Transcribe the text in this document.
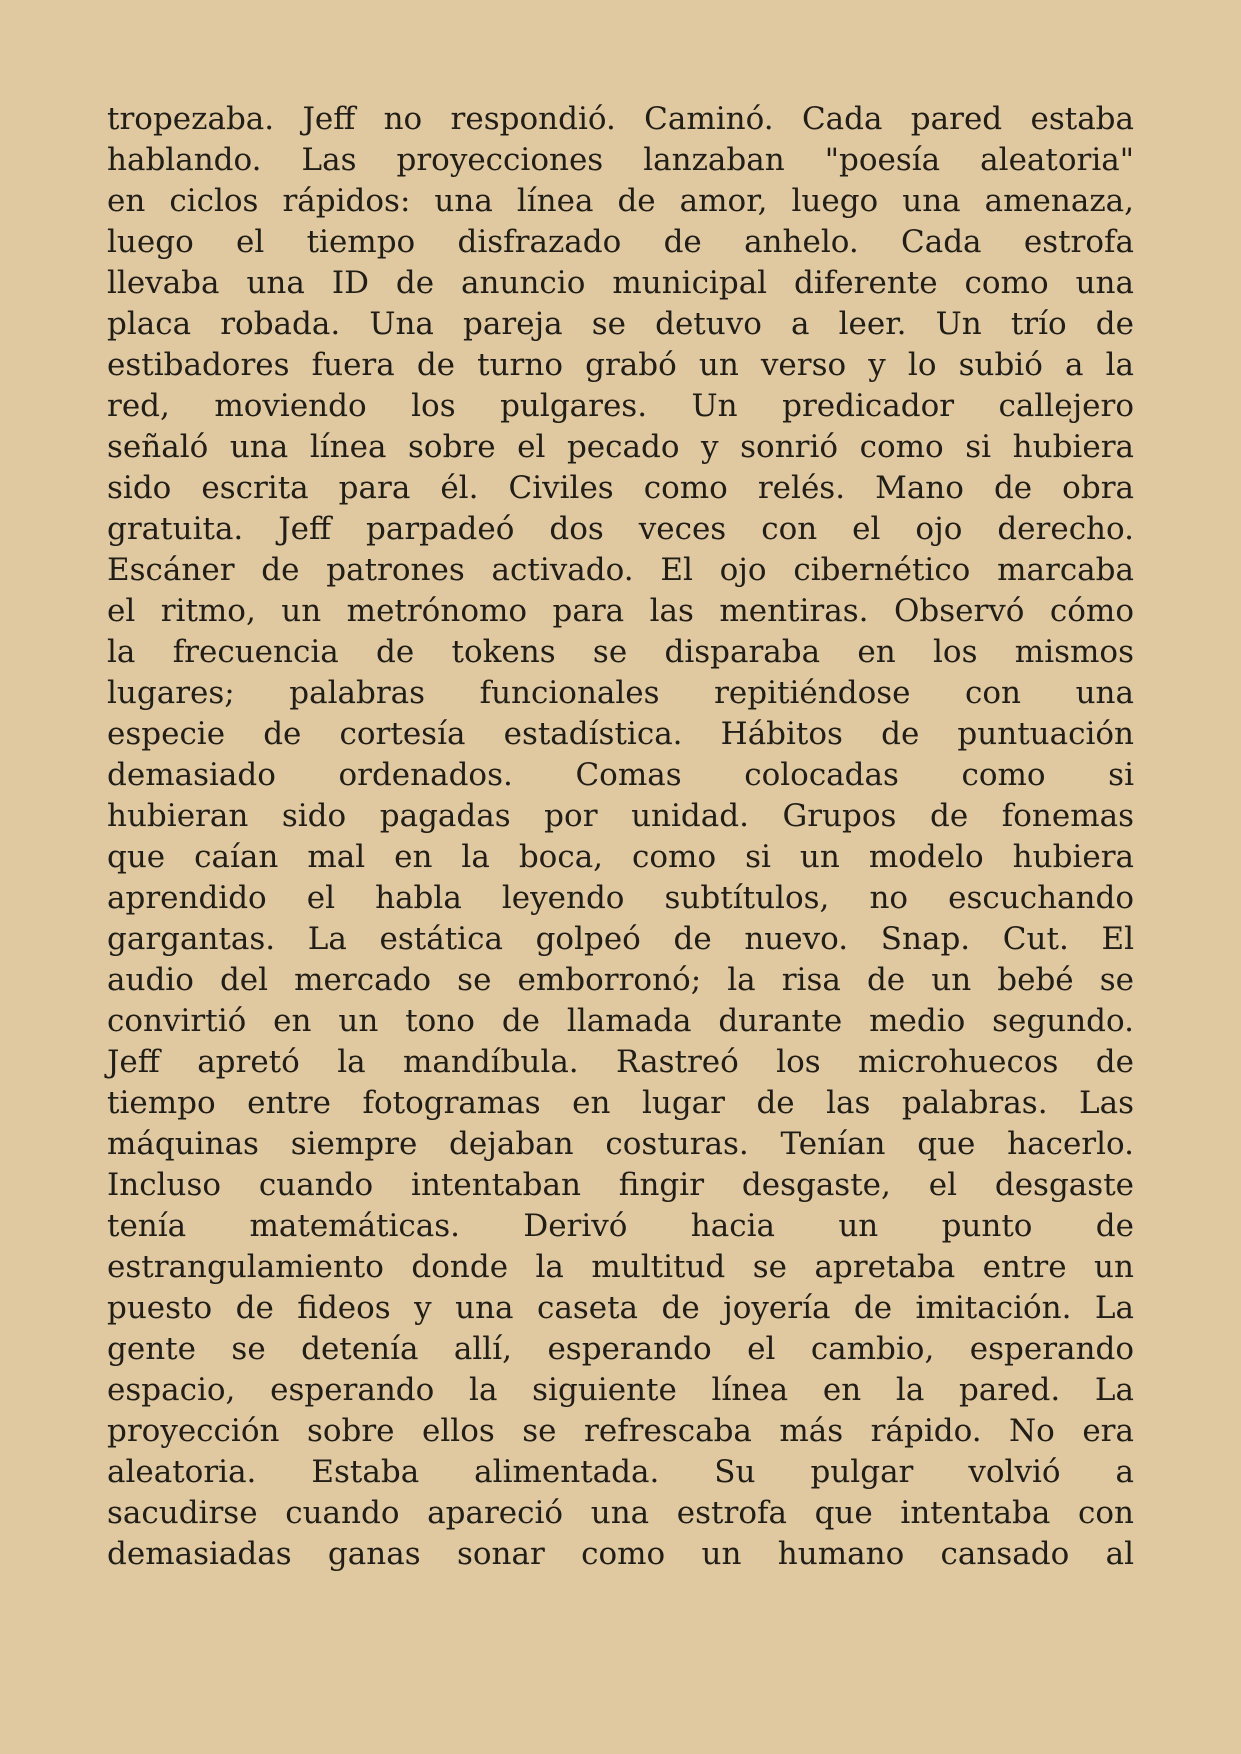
tropezaba. Jeff no respondió. Caminó. Cada pared estaba
hablando. Las proyecciones lanzaban "poesía aleatoria"
en ciclos rápidos: una línea de amor, luego una amenaza,
luego el tiempo disfrazado de anhelo. Cada estrofa
llevaba una ID de anuncio municipal diferente como una
placa robada. Una pareja se detuvo a leer. Un trío de
estibadores fuera de turno grabó un verso y lo subió a la
red, moviendo los pulgares. Un predicador callejero
señaló una línea sobre el pecado y sonrió como si hubiera
sido escrita para él. Civiles como relés. Mano de obra
gratuita. Jeff parpadeó dos veces con el ojo derecho.
Escáner de patrones activado. El ojo cibernético marcaba
el ritmo, un metrónomo para las mentiras. Observó cómo
la frecuencia de tokens se disparaba en los mismos
lugares; palabras funcionales repitiéndose con una
especie de cortesía estadística. Hábitos de puntuación
demasiado ordenados. Comas colocadas como si
hubieran sido pagadas por unidad. Grupos de fonemas
que caían mal en la boca, como si un modelo hubiera
aprendido el habla leyendo subtítulos, no escuchando
gargantas. La estática golpeó de nuevo. Snap. Cut. El
audio del mercado se emborronó; la risa de un bebé se
convirtió en un tono de llamada durante medio segundo.
Jeff apretó la mandíbula. Rastreó los microhuecos de
tiempo entre fotogramas en lugar de las palabras. Las
máquinas siempre dejaban costuras. Tenían que hacerlo.
Incluso cuando intentaban fingir desgaste, el desgaste
tenía matemáticas. Derivó hacia un punto de
estrangulamiento donde la multitud se apretaba entre un
puesto de fideos y una caseta de joyería de imitación. La
gente se detenía allí, esperando el cambio, esperando
espacio, esperando la siguiente línea en la pared. La
proyección sobre ellos se refrescaba más rápido. No era
aleatoria. Estaba alimentada. Su pulgar volvió a
sacudirse cuando apareció una estrofa que intentaba con
demasiadas ganas sonar como un humano cansado al
